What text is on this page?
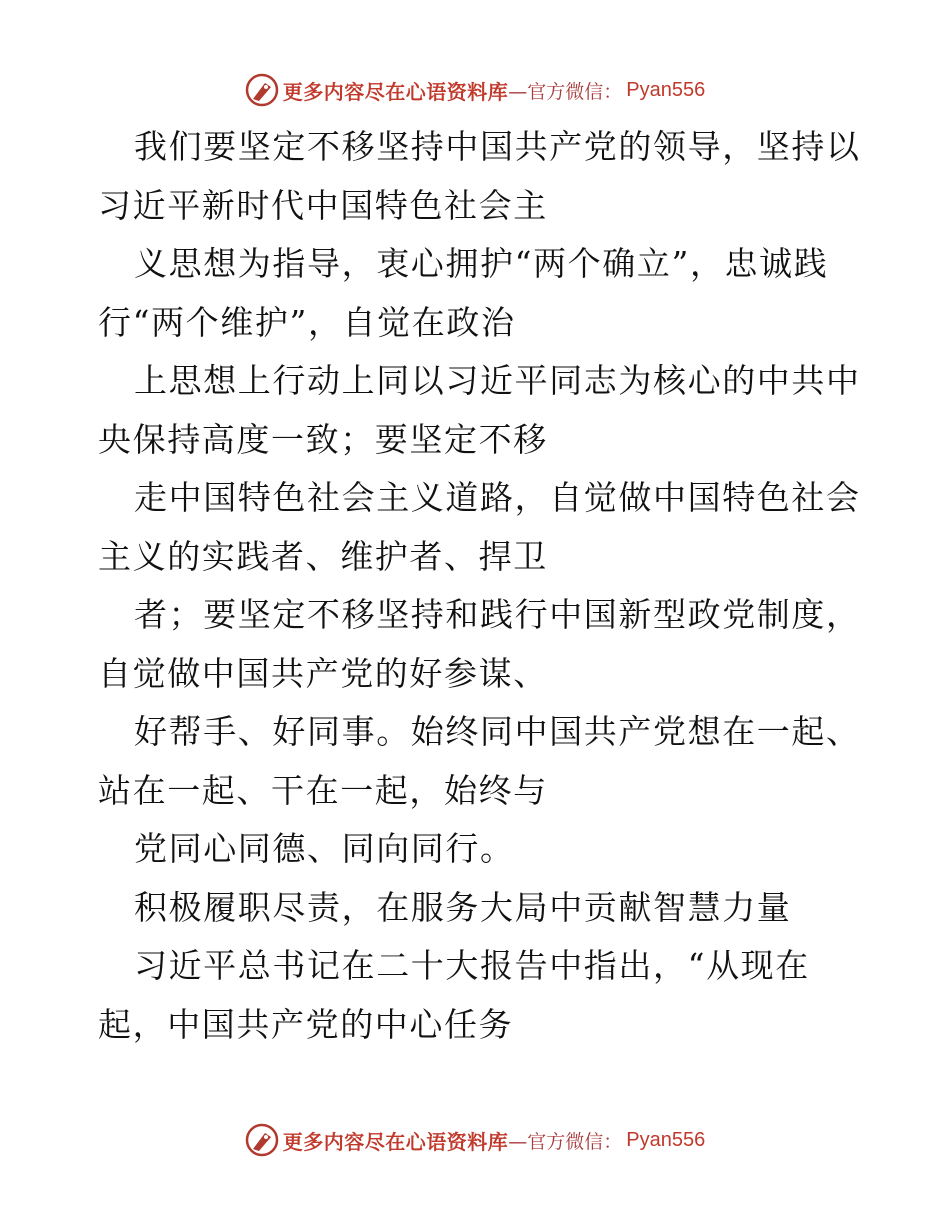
更多内容尽在心语资料库 —官方微信： Pyan556
我们要坚定不移坚持中国共产党的领导，坚持以
习近平新时代中国特色社会主
义思想为指导，衷心拥护“两个确立”，忠诚践
行“两个维护”，自觉在政治
上思想上行动上同以习近平同志为核心的中共中
央保持高度一致；要坚定不移
走中国特色社会主义道路，自觉做中国特色社会
主义的实践者、维护者、捍卫
者；要坚定不移坚持和践行中国新型政党制度，
自觉做中国共产党的好参谋、
好帮手、好同事。始终同中国共产党想在一起、
站在一起、干在一起，始终与
党同心同德、同向同行。
积极履职尽责，在服务大局中贡献智慧力量
习近平总书记在二十大报告中指出，“从现在
起，中国共产党的中心任务
更多内容尽在心语资料库 —官方微信： Pyan556
